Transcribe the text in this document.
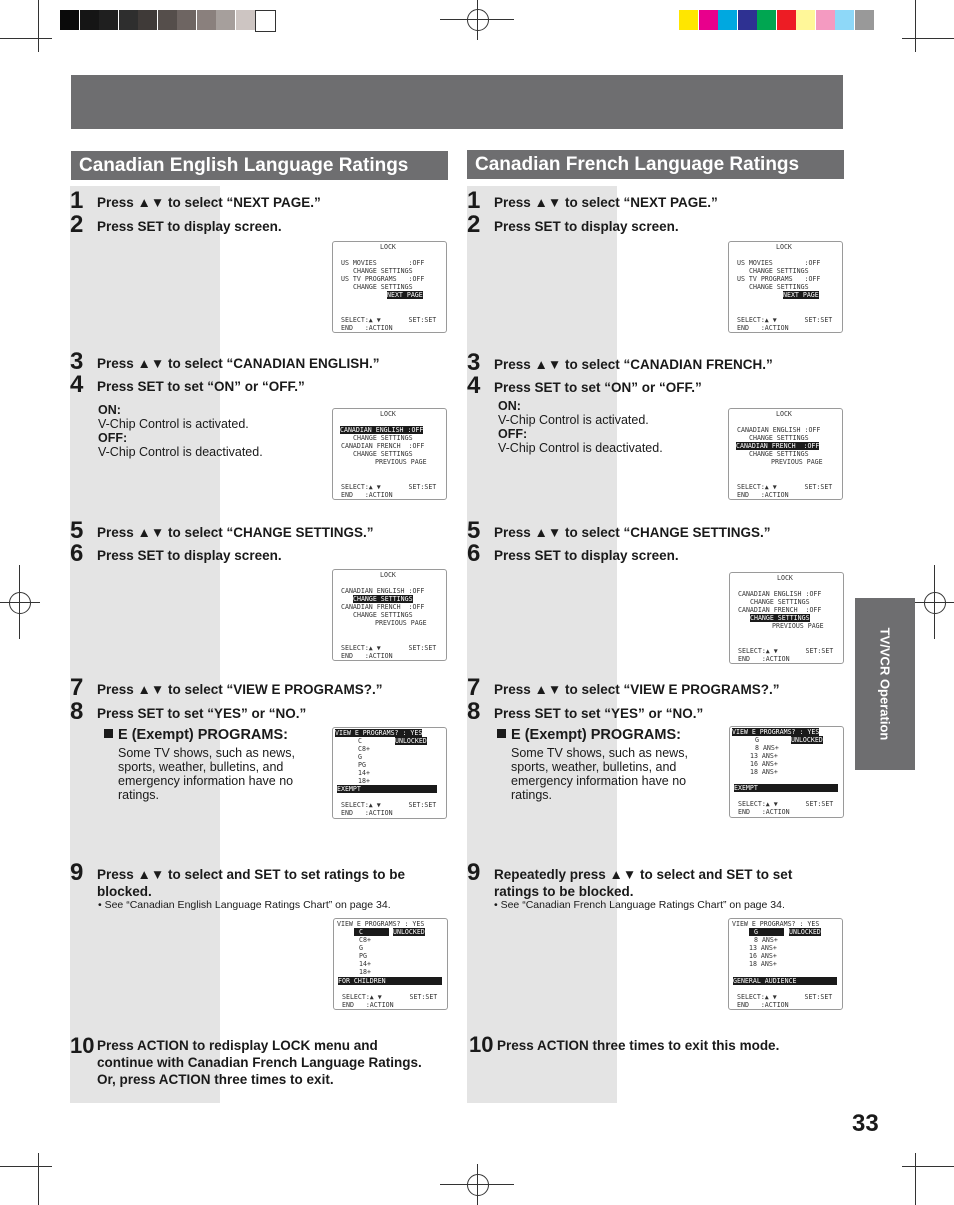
Canadian English Language Ratings
1 Press ▲▼ to select “NEXT PAGE.”
2 Press SET to display screen.
LOCK
US MOVIES        :OFF
CHANGE SETTINGS
US TV PROGRAMS   :OFF
CHANGE SETTINGS
NEXT PAGE
SELECT:▲ ▼       SET:SET
END   :ACTION
3 Press ▲▼ to select “CANADIAN ENGLISH.”
4 Press SET to set “ON” or “OFF.”
ON:
V-Chip Control is activated.
OFF:
V-Chip Control is deactivated.
LOCK
CANADIAN ENGLISH :OFF
CHANGE SETTINGS
CANADIAN FRENCH  :OFF
CHANGE SETTINGS
PREVIOUS PAGE
SELECT:▲ ▼       SET:SET
END   :ACTION
5 Press ▲▼ to select “CHANGE SETTINGS.”
6 Press SET to display screen.
LOCK
CANADIAN ENGLISH :OFF
CHANGE SETTINGS
CANADIAN FRENCH  :OFF
CHANGE SETTINGS
PREVIOUS PAGE
SELECT:▲ ▼       SET:SET
END   :ACTION
7 Press ▲▼ to select “VIEW E PROGRAMS?.”
8 Press SET to set “YES” or “NO.”
E (Exempt) PROGRAMS:
Some TV shows, such as news,
sports, weather, bulletins, and
emergency information have no
ratings.
VIEW E PROGRAMS? : YES
C	UNLOCKED
C8+
G
PG
14+
18+
EXEMPT
SELECT:▲ ▼       SET:SET
END   :ACTION
9 Press ▲▼ to select and SET to set ratings to be
blocked.
• See “Canadian English Language Ratings Chart” on page 34.
VIEW E PROGRAMS? : YES
C	UNLOCKED
C8+
G
PG
14+
18+
FOR CHILDREN
SELECT:▲ ▼       SET:SET
END   :ACTION
10 Press ACTION to redisplay LOCK menu and
continue with Canadian French Language Ratings.
Or, press ACTION three times to exit.
Canadian French Language Ratings
1 Press ▲▼ to select “NEXT PAGE.”
2 Press SET to display screen.
LOCK
US MOVIES        :OFF
CHANGE SETTINGS
US TV PROGRAMS   :OFF
CHANGE SETTINGS
NEXT PAGE
SELECT:▲ ▼       SET:SET
END   :ACTION
3 Press ▲▼ to select “CANADIAN FRENCH.”
4 Press SET to set “ON” or “OFF.”
ON:
V-Chip Control is activated.
OFF:
V-Chip Control is deactivated.
LOCK
CANADIAN ENGLISH :OFF
CHANGE SETTINGS
CANADIAN FRENCH  :OFF
CHANGE SETTINGS
PREVIOUS PAGE
SELECT:▲ ▼       SET:SET
END   :ACTION
5 Press ▲▼ to select “CHANGE SETTINGS.”
6 Press SET to display screen.
LOCK
CANADIAN ENGLISH :OFF
CHANGE SETTINGS
CANADIAN FRENCH  :OFF
CHANGE SETTINGS
PREVIOUS PAGE
SELECT:▲ ▼       SET:SET
END   :ACTION
7 Press ▲▼ to select “VIEW E PROGRAMS?.”
8 Press SET to set “YES” or “NO.”
E (Exempt) PROGRAMS:
Some TV shows, such as news,
sports, weather, bulletins, and
emergency information have no
ratings.
VIEW E PROGRAMS? : YES
G	UNLOCKED
8 ANS+
13 ANS+
16 ANS+
18 ANS+
EXEMPT
SELECT:▲ ▼       SET:SET
END   :ACTION
9 Repeatedly press ▲▼ to select and SET to set
ratings to be blocked.
• See “Canadian French Language Ratings Chart” on page 34.
VIEW E PROGRAMS? : YES
G	UNLOCKED
8 ANS+
13 ANS+
16 ANS+
18 ANS+
GENERAL AUDIENCE
SELECT:▲ ▼       SET:SET
END   :ACTION
10 Press ACTION three times to exit this mode.
TV/VCR Operation
33
